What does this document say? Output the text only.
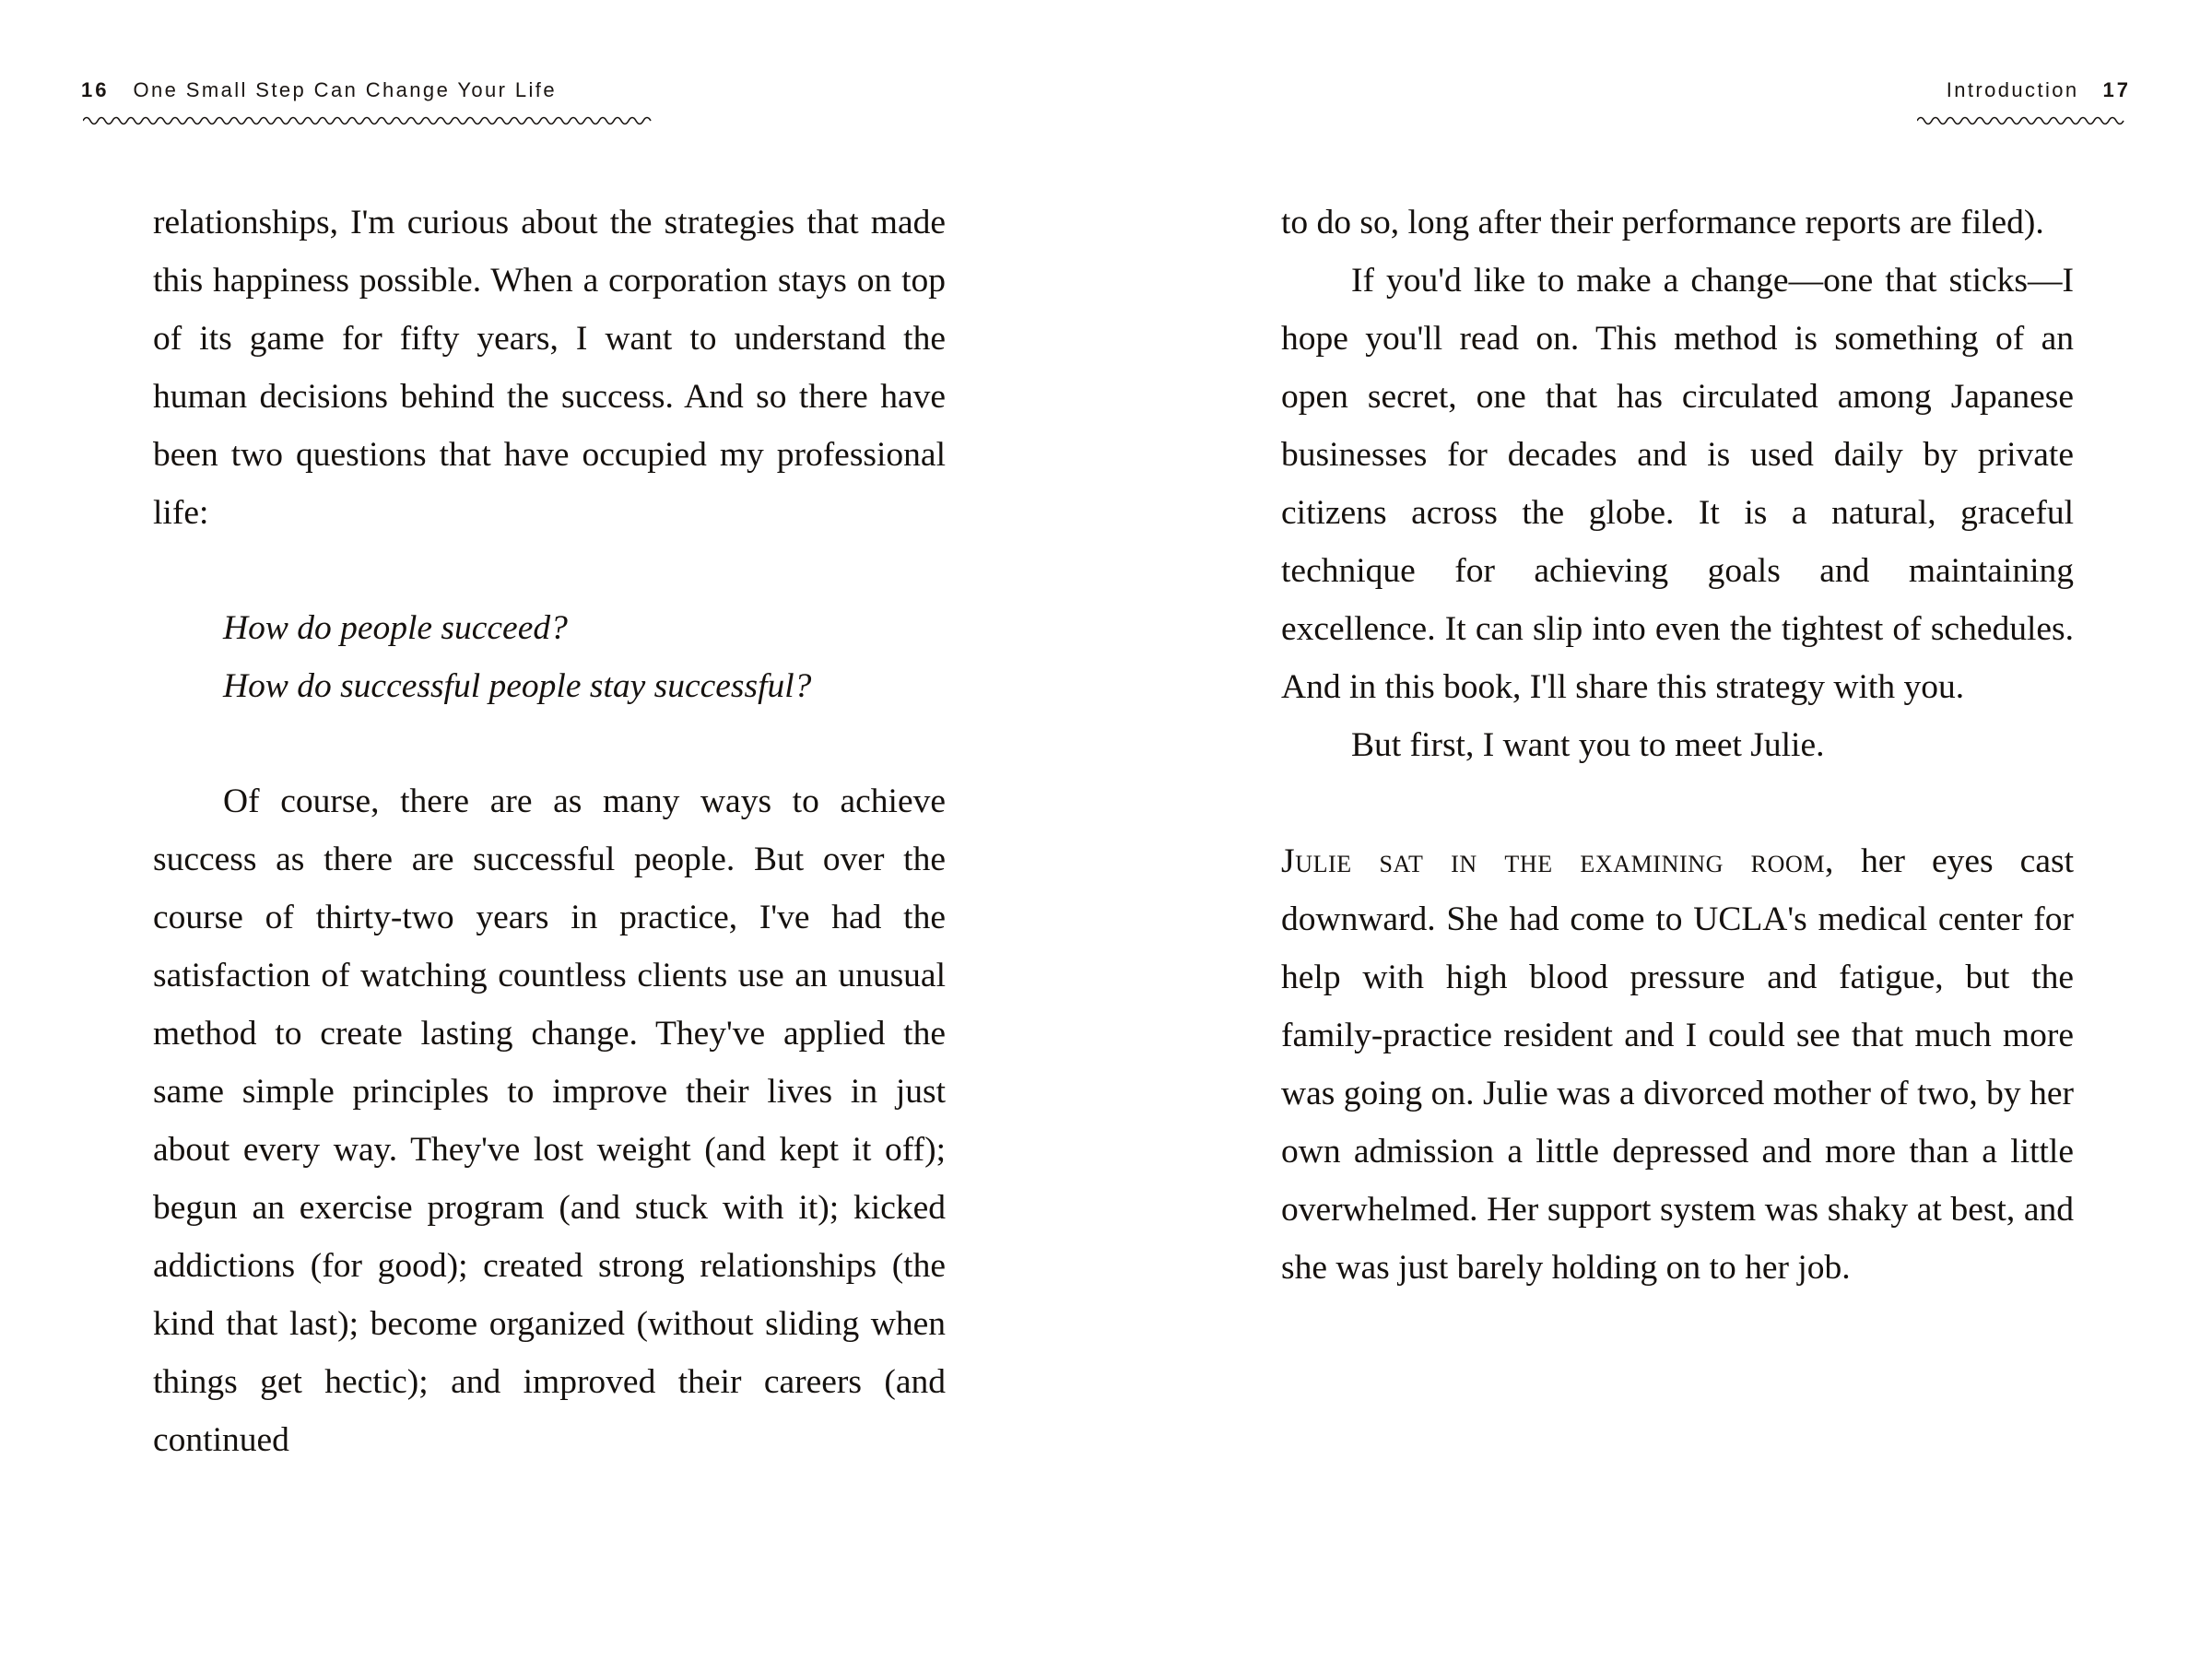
16 One Small Step Can Change Your Life	Introduction 17

relationships, I'm curious about the strategies that made this happiness possible. When a corporation stays on top of its game for fifty years, I want to understand the human decisions behind the success. And so there have been two questions that have occupied my professional life:

How do people succeed?
How do successful people stay successful?

Of course, there are as many ways to achieve success as there are successful people. But over the course of thirty-two years in practice, I've had the satisfaction of watching countless clients use an unusual method to create lasting change. They've applied the same simple principles to improve their lives in just about every way. They've lost weight (and kept it off); begun an exercise program (and stuck with it); kicked addictions (for good); created strong relationships (the kind that last); become organized (without sliding when things get hectic); and improved their careers (and continued

to do so, long after their performance reports are filed).

If you'd like to make a change—one that sticks—I hope you'll read on. This method is something of an open secret, one that has circulated among Japanese businesses for decades and is used daily by private citizens across the globe. It is a natural, graceful technique for achieving goals and maintaining excellence. It can slip into even the tightest of schedules. And in this book, I'll share this strategy with you.

But first, I want you to meet Julie.

Julie sat in the examining room, her eyes cast downward. She had come to UCLA's medical center for help with high blood pressure and fatigue, but the family-practice resident and I could see that much more was going on. Julie was a divorced mother of two, by her own admission a little depressed and more than a little overwhelmed. Her support system was shaky at best, and she was just barely holding on to her job.
